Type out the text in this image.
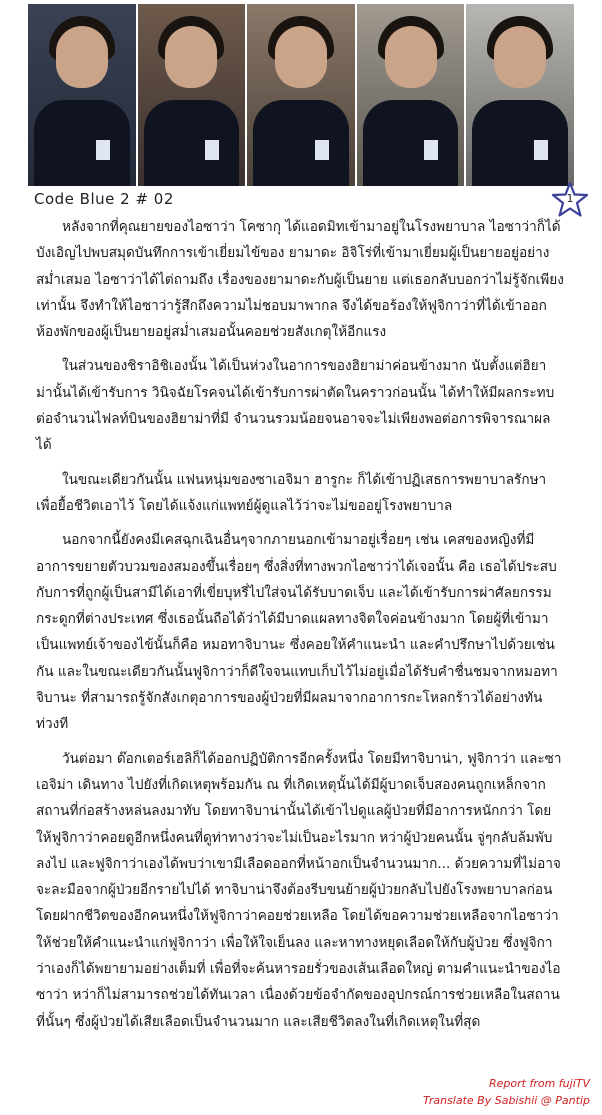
Code Blue 2 # 02	1

หลังจากที่คุณยายของไอซาว่า โคซากุ ได้แอดมิทเข้ามาอยู่ในโรงพยาบาล ไอซาว่าก็ได้บังเอิญไปพบสมุดบันทึกการเข้าเยี่ยมไข้ของ ยามาดะ อิจิโร่ที่เข้ามาเยี่ยมผู้เป็นยายอยู่อย่างสม่ำเสมอ ไอซาว่าได้ไต่ถามถึง เรื่องของยามาดะกับผู้เป็นยาย แต่เธอกลับบอกว่าไม่รู้จักเพียงเท่านั้น จึงทำให้ไอซาว่ารู้สึกถึงความไม่ชอบมาพากล จึงได้ขอร้องให้ฟูจิกาว่าที่ได้เข้าออกห้องพักของผู้เป็นยายอยู่สม่ำเสมอนั้นคอยช่วยสังเกตุให้อีกแรง

ในส่วนของชิราอิชิเองนั้น ได้เป็นห่วงในอาการของฮิยาม่าค่อนข้างมาก นับตั้งแต่ฮิยาม่านั้นได้เข้ารับการ วินิจฉัยโรคจนได้เข้ารับการผ่าตัดในคราวก่อนนั้น ได้ทำให้มีผลกระทบต่อจำนวนไฟลท์บินของฮิยาม่าที่มี จำนวนรวมน้อยจนอาจจะไม่เพียงพอต่อการพิจารณาผลได้

ในขณะเดียวกันนั้น แฟนหนุ่มของซาเอจิมา ฮารูกะ ก็ได้เข้าปฏิเสธการพยาบาลรักษาเพื่อยื้อชีวิตเอาไว้ โดยได้แจ้งแก่แพทย์ผู้ดูแลไว้ว่าจะไม่ขออยู่โรงพยาบาล

นอกจากนี้ยังคงมีเคสฉุกเฉินอื่นๆจากภายนอกเข้ามาอยู่เรื่อยๆ เช่น เคสของหญิงที่มีอาการขยายตัวบวมของสมองขึ้นเรื่อยๆ ซึ่งสิ่งที่ทางพวกไอซาว่าได้เจอนั้น คือ เธอได้ประสบกับการที่ถูกผู้เป็นสามีได้เอาที่เขี่ยบุหรี่ไปใส่จนได้รับบาดเจ็บ และได้เข้ารับการผ่าศัลยกรรมกระดูกที่ต่างประเทศ ซึ่งเธอนั้นถือได้ว่าได้มีบาดแผลทางจิตใจค่อนข้างมาก โดยผู้ที่เข้ามาเป็นแพทย์เจ้าของไข้นั้นก็คือ หมอทาจิบานะ ซึ่งคอยให้คำแนะนำ และคำปรึกษาไปด้วยเช่นกัน และในขณะเดียวกันนั้นฟูจิกาว่าก็ดีใจจนแทบเก็บไว้ไม่อยู่เมื่อได้รับคำชื่นชมจากหมอทาจิบานะ ที่สามารถรู้จักสังเกตุอาการของผู้ป่วยที่มีผลมาจากอาการกะโหลกร้าวได้อย่างทันท่วงที

วันต่อมา ด๊อกเตอร์เฮลิก็ได้ออกปฏิบัติการอีกครั้งหนึ่ง โดยมีทาจิบาน่า, ฟูจิกาว่า และซาเอจิม่า เดินทาง ไปยังที่เกิดเหตุพร้อมกัน ณ ที่เกิดเหตุนั้นได้มีผู้บาดเจ็บสองคนถูกเหล็กจากสถานที่ก่อสร้างหล่นลงมาทับ โดยทาจิบาน่านั้นได้เข้าไปดูแลผู้ป่วยที่มีอาการหนักกว่า โดยให้ฟูจิกาว่าคอยดูอีกหนึ่งคนที่ดูท่าทางว่าจะไม่เป็นอะไรมาก หว่าผู้ป่วยคนนั้น จู่ๆกลับล้มพับลงไป และฟูจิกาว่าเองได้พบว่าเขามีเลือดออกที่หน้าอกเป็นจำนวนมาก... ด้วยความที่ไม่อาจจะละมือจากผู้ป่วยอีกรายไปได้ ทาจิบาน่าจึงต้องรีบขนย้ายผู้ป่วยกลับไปยังโรงพยาบาลก่อน โดยฝากชีวิตของอีกคนหนึ่งให้ฟูจิกาว่าคอยช่วยเหลือ โดยได้ขอความช่วยเหลือจากไอซาว่า ให้ช่วยให้คำแนะนำแก่ฟูจิกาว่า เพื่อให้ใจเย็นลง และหาทางหยุดเลือดให้กับผู้ป่วย ซึ่งฟูจิกาว่าเองก็ได้พยายามอย่างเต็มที่ เพื่อที่จะค้นหารอยรั่วของเส้นเลือดใหญ่ ตามคำแนะนำของไอซาว่า หว่าก็ไม่สามารถช่วยได้ทันเวลา เนื่องด้วยข้อจำกัดของอุปกรณ์การช่วยเหลือในสถานที่นั้นๆ ซึ่งผู้ป่วยได้เสียเลือดเป็นจำนวนมาก และเสียชีวิตลงในที่เกิดเหตุในที่สุด

Report from fujiTV
Translate By Sabishii @ Pantip
